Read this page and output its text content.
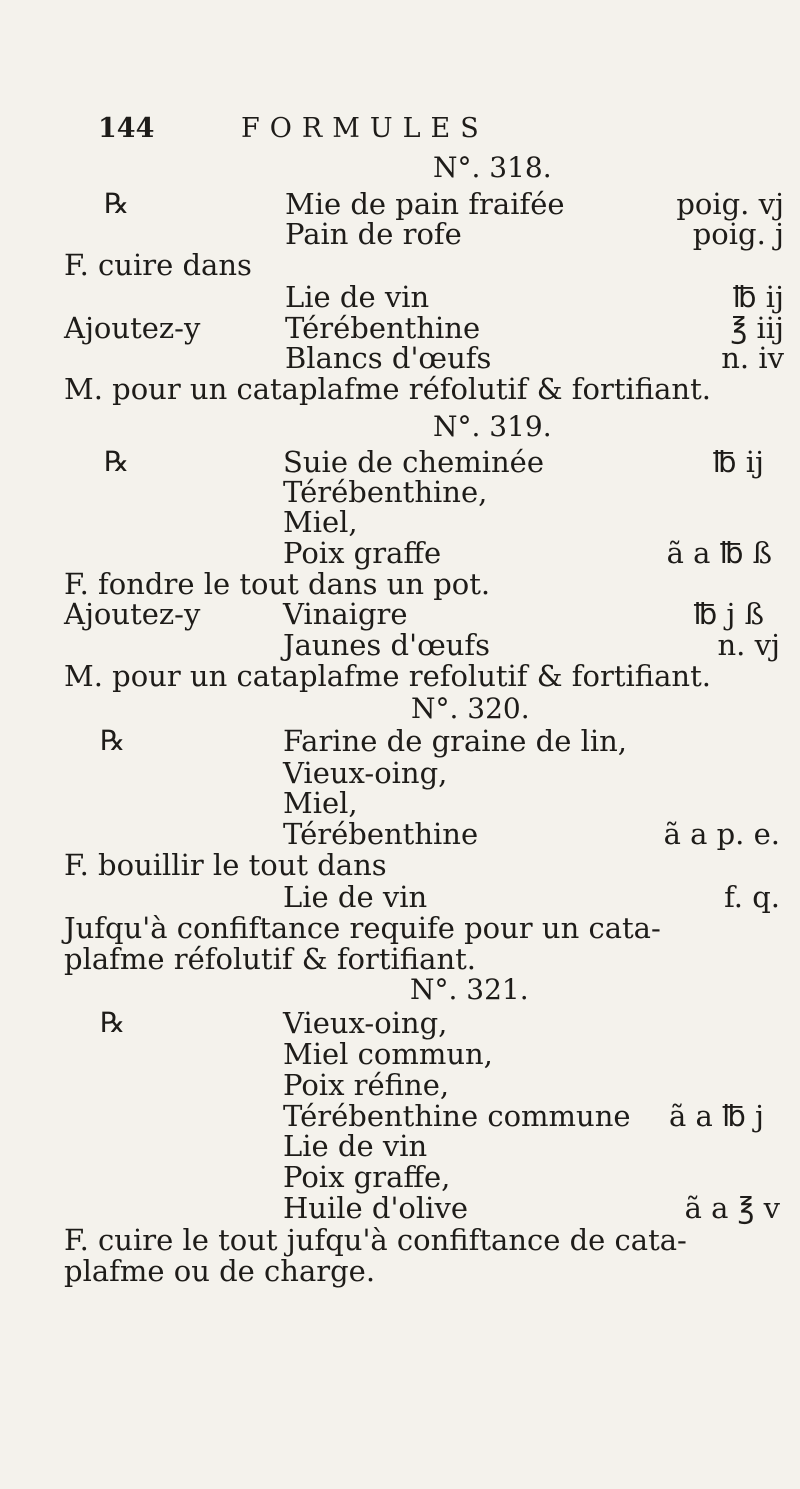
144	FORMULES
N°. 318.
℞	Mie de pain fraifée	poig. vj
Pain de rofe	poig. j
F. cuire dans
Lie de vin	℔ ij
Ajoutez-y	Térébenthine	℥ iij
Blancs d'œufs	n. iv
M. pour un cataplafme réfolutif & fortifiant.
N°. 319.
℞	Suie de cheminée	℔ ij
Térébenthine,
Miel,
Poix graffe	ã a ℔ ß
F. fondre le tout dans un pot.
Ajoutez-y	Vinaigre	℔ j ß
Jaunes d'œufs	n. vj
M. pour un cataplafme refolutif & fortifiant.
N°. 320.
℞	Farine de graine de lin,
Vieux-oing,
Miel,
Térébenthine	ã a p. e.
F. bouillir le tout dans
Lie de vin	f. q.
Jufqu'à confiftance requife pour un cata-
plafme réfolutif & fortifiant.
N°. 321.
℞	Vieux-oing,
Miel commun,
Poix réfine,
Térébenthine commune ã a ℔ j
Lie de vin
Poix graffe,
Huile d'olive	ã a ℥ v
F. cuire le tout jufqu'à confiftance de cata-
plafme ou de charge.
